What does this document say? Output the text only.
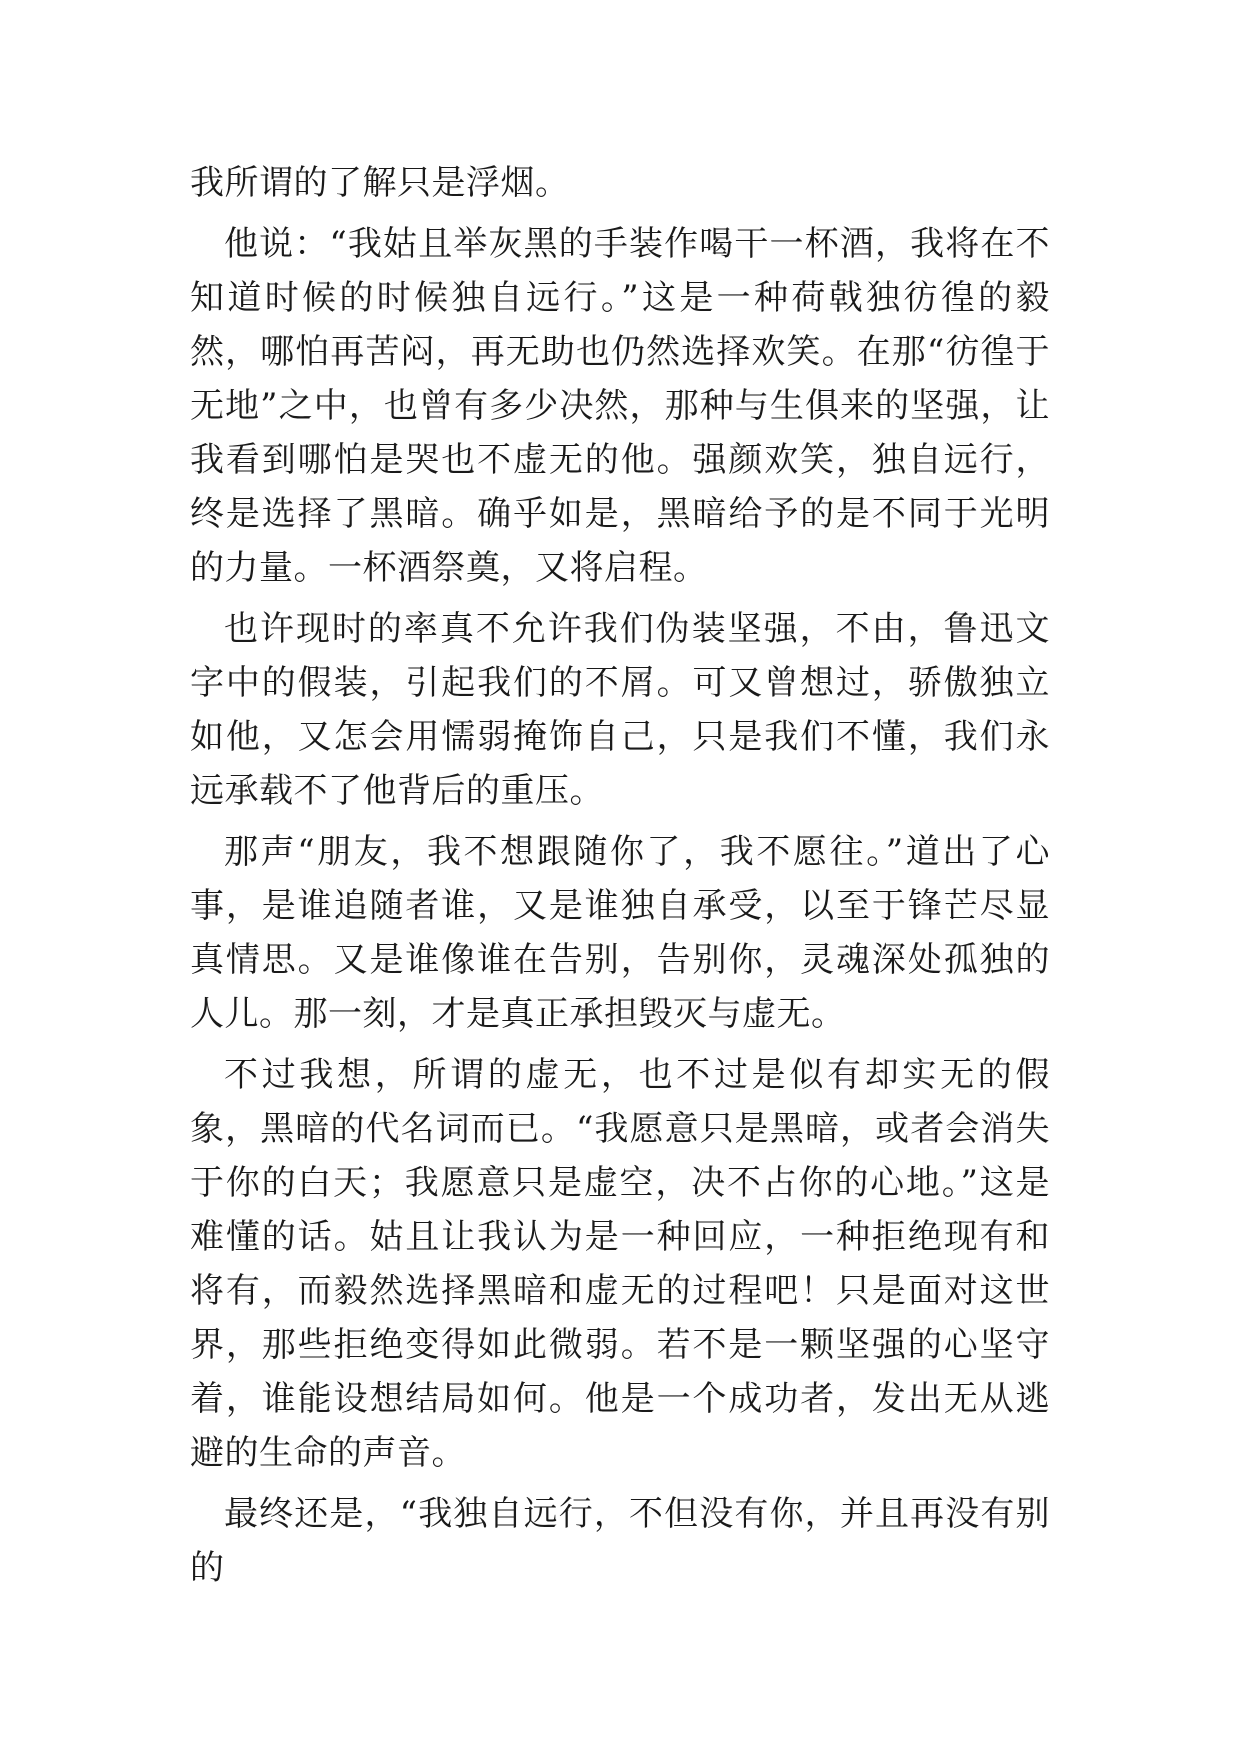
我所谓的了解只是浮烟。

他说：“我姑且举灰黑的手装作喝干一杯酒，我将在不知道时候的时候独自远行。”这是一种荷戟独彷徨的毅然，哪怕再苦闷，再无助也仍然选择欢笑。在那“彷徨于无地”之中，也曾有多少决然，那种与生俱来的坚强，让我看到哪怕是哭也不虚无的他。强颜欢笑，独自远行，终是选择了黑暗。确乎如是，黑暗给予的是不同于光明的力量。一杯酒祭奠，又将启程。

也许现时的率真不允许我们伪装坚强，不由，鲁迅文字中的假装，引起我们的不屑。可又曾想过，骄傲独立如他，又怎会用懦弱掩饰自己，只是我们不懂，我们永远承载不了他背后的重压。

那声“朋友，我不想跟随你了，我不愿往。”道出了心事，是谁追随者谁，又是谁独自承受，以至于锋芒尽显真情思。又是谁像谁在告别，告别你，灵魂深处孤独的人儿。那一刻，才是真正承担毁灭与虚无。

不过我想，所谓的虚无，也不过是似有却实无的假象，黑暗的代名词而已。“我愿意只是黑暗，或者会消失于你的白天；我愿意只是虚空，决不占你的心地。”这是难懂的话。姑且让我认为是一种回应，一种拒绝现有和将有，而毅然选择黑暗和虚无的过程吧！只是面对这世界，那些拒绝变得如此微弱。若不是一颗坚强的心坚守着，谁能设想结局如何。他是一个成功者，发出无从逃避的生命的声音。

最终还是，“我独自远行，不但没有你，并且再没有别的
